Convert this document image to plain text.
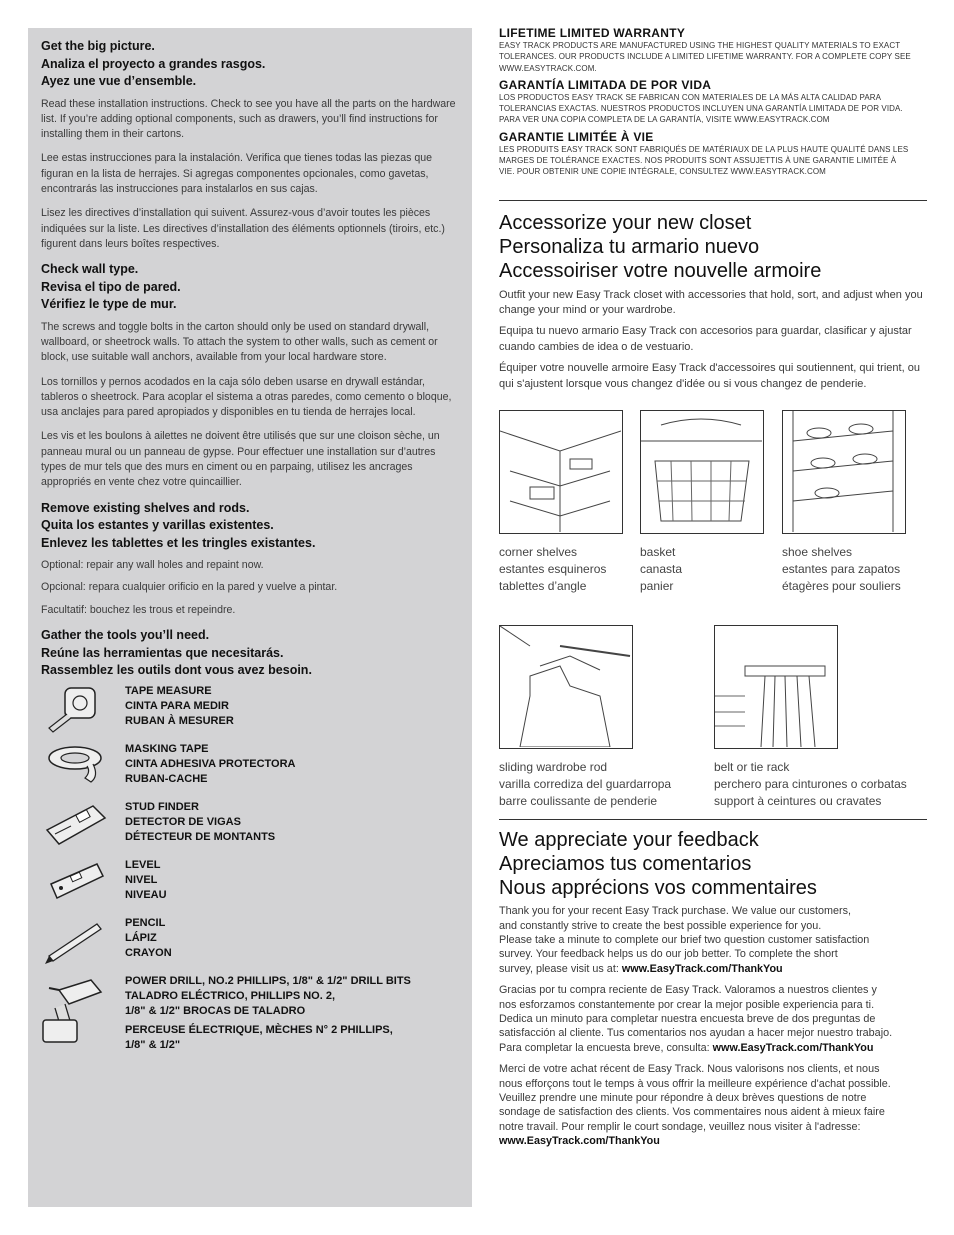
Get the big picture.
Analiza el proyecto a grandes rasgos.
Ayez une vue d’ensemble.

Read these installation instructions. Check to see you have all the parts on the hardware list. If you’re adding optional components, such as drawers, you’ll find instructions for installing them in their cartons.

Lee estas instrucciones para la instalación. Verifica que tienes todas las piezas que figuran en la lista de herrajes. Si agregas componentes opcionales, como gavetas, encontrarás las instrucciones para instalarlos en sus cajas.

Lisez les directives d’installation qui suivent. Assurez-vous d’avoir toutes les pièces indiquées sur la liste. Les directives d’installation des éléments optionnels (tiroirs, etc.) figurent dans leurs boîtes respectives.

Check wall type.
Revisa el tipo de pared.
Vérifiez le type de mur.

The screws and toggle bolts in the carton should only be used on standard drywall, wallboard, or sheetrock walls. To attach the system to other walls, such as cement or block, use suitable wall anchors, available from your local hardware store.

Los tornillos y pernos acodados en la caja sólo deben usarse en drywall estándar, tableros o sheetrock. Para acoplar el sistema a otras paredes, como cemento o bloque, usa anclajes para pared apropiados y disponibles en tu tienda de herrajes local.

Les vis et les boulons à ailettes ne doivent être utilisés que sur une cloison sèche, un panneau mural ou un panneau de gypse. Pour effectuer une installation sur d’autres types de mur tels que des murs en ciment ou en parpaing, utilisez les ancrages appropriés en vente chez votre quincaillier.

Remove existing shelves and rods.
Quita los estantes y varillas existentes.
Enlevez les tablettes et les tringles existantes.

Optional: repair any wall holes and repaint now.

Opcional: repara cualquier orificio en la pared y vuelve a pintar.

Facultatif: bouchez les trous et repeindre.

Gather the tools you’ll need.
Reúne las herramientas que necesitarás.
Rassemblez les outils dont vous avez besoin.
TAPE MEASURE
CINTA PARA MEDIR
RUBAN À MESURER
MASKING TAPE
CINTA ADHESIVA PROTECTORA
RUBAN-CACHE
STUD FINDER
DETECTOR DE VIGAS
DÉTECTEUR DE MONTANTS
LEVEL
NIVEL
NIVEAU
PENCIL
LÁPIZ
CRAYON
POWER DRILL, NO.2 PHILLIPS, 1/8" & 1/2" DRILL BITS
TALADRO ELÉCTRICO, PHILLIPS NO. 2,
1/8" & 1/2" BROCAS DE TALADRO
PERCEUSE ÉLECTRIQUE, MÈCHES N° 2 PHILLIPS,
1/8" & 1/2"
LIFETIME LIMITED WARRANTY
EASY TRACK PRODUCTS ARE MANUFACTURED USING THE HIGHEST QUALITY MATERIALS TO EXACT
TOLERANCES. OUR PRODUCTS INCLUDE A LIMITED LIFETIME WARRANTY. FOR A COMPLETE COPY SEE
WWW.EASYTRACK.COM.
GARANTÍA LIMITADA DE POR VIDA
LOS PRODUCTOS EASY TRACK SE FABRICAN CON MATERIALES DE LA MÁS ALTA CALIDAD PARA
TOLERANCIAS EXACTAS. NUESTROS PRODUCTOS INCLUYEN UNA GARANTÍA LIMITADA DE POR VIDA.
PARA VER UNA COPIA COMPLETA DE LA GARANTÍA, VISITE WWW.EASYTRACK.COM
GARANTIE LIMITÉE À VIE
LES PRODUITS EASY TRACK SONT FABRIQUÉS DE MATÉRIAUX DE LA PLUS HAUTE QUALITÉ DANS LES
MARGES DE TOLÉRANCE EXACTES. NOS PRODUITS SONT ASSUJETTIS À UNE GARANTIE LIMITÉE À
VIE. POUR OBTENIR UNE COPIE INTÉGRALE, CONSULTEZ WWW.EASYTRACK.COM
Accessorize your new closet
Personaliza tu armario nuevo
Accessoiriser votre nouvelle armoire

Outfit your new Easy Track closet with accessories that hold, sort, and adjust when you change your mind or your wardrobe.

Equipa tu nuevo armario Easy Track con accesorios para guardar, clasificar y ajustar cuando cambies de idea o de vestuario.

Équiper votre nouvelle armoire Easy Track d'accessoires qui soutiennent, qui trient, ou qui s'ajustent lorsque vous changez d'idée ou si vous changez de penderie.

corner shelves
estantes esquineros
tablettes d’angle
basket
canasta
panier
shoe shelves
estantes para zapatos
étagères pour souliers
sliding wardrobe rod
varilla corrediza del guardarropa
barre coulissante de penderie
belt or tie rack
perchero para cinturones o corbatas
support à ceintures ou cravates
We appreciate your feedback
Apreciamos tus comentarios
Nous apprécions vos commentaires
Thank you for your recent Easy Track purchase. We value our customers,
and constantly strive to create the best possible experience for you.
Please take a minute to complete our brief two question customer satisfaction
survey. Your feedback helps us do our job better. To complete the short
survey, please visit us at: www.EasyTrack.com/ThankYou
Gracias por tu compra reciente de Easy Track. Valoramos a nuestros clientes y
nos esforzamos constantemente por crear la mejor posible experiencia para ti.
Dedica un minuto para completar nuestra encuesta breve de dos preguntas de
satisfacción al cliente. Tus comentarios nos ayudan a hacer mejor nuestro trabajo.
Para completar la encuesta breve, consulta: www.EasyTrack.com/ThankYou
Merci de votre achat récent de Easy Track. Nous valorisons nos clients, et nous
nous efforçons tout le temps à vous offrir la meilleure expérience d'achat possible.
Veuillez prendre une minute pour répondre à deux brèves questions de notre
sondage de satisfaction des clients. Vos commentaires nous aident à mieux faire
notre travail. Pour remplir le court sondage, veuillez nous visiter à l'adresse:
www.EasyTrack.com/ThankYou
